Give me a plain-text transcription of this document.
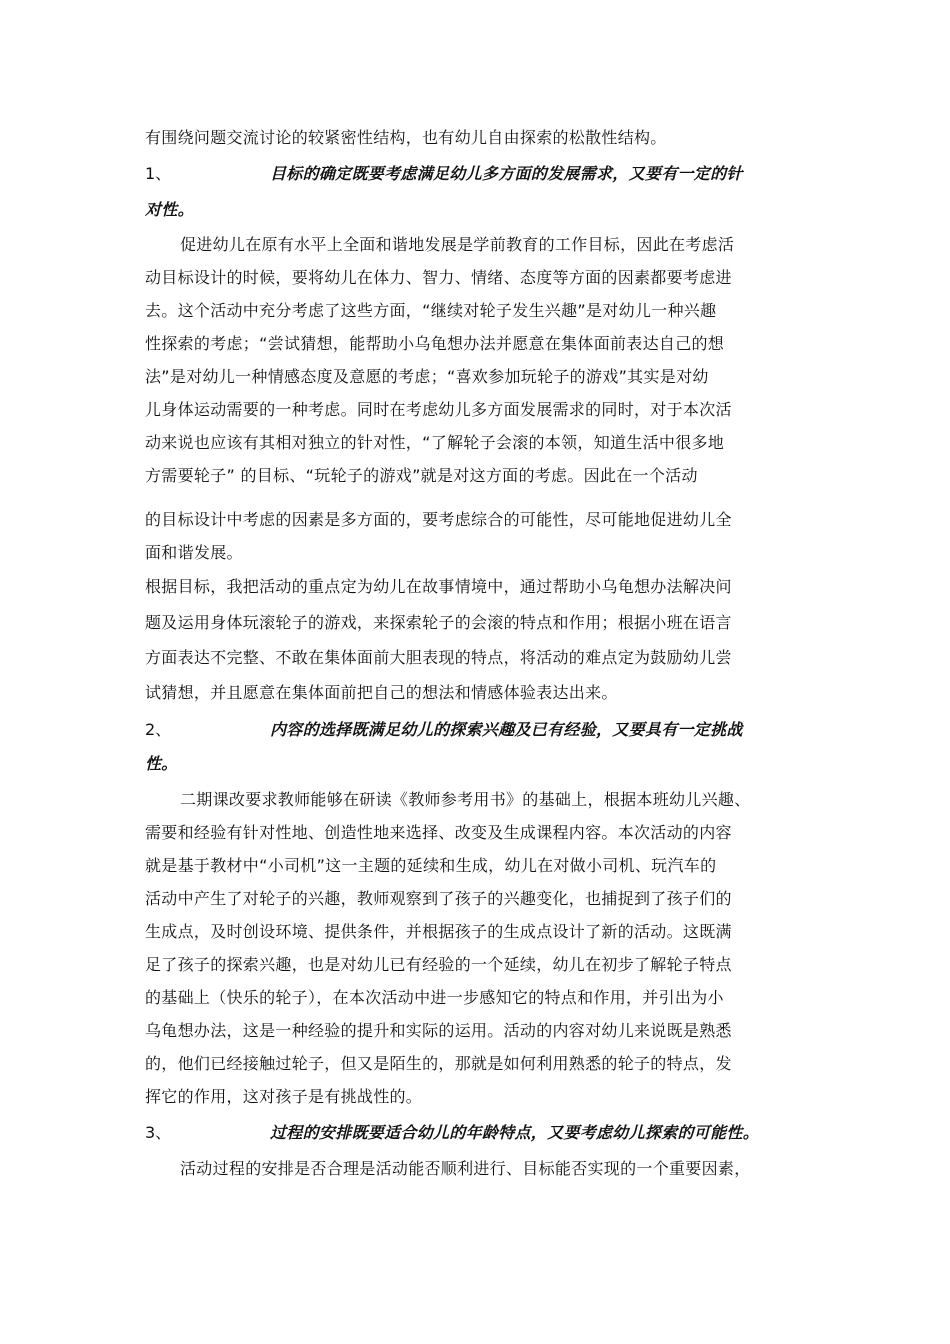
有围绕问题交流讨论的较紧密性结构，也有幼儿自由探索的松散性结构。
1、	目标的确定既要考虑满足幼儿多方面的发展需求，又要有一定的针
对性。
促进幼儿在原有水平上全面和谐地发展是学前教育的工作目标，因此在考虑活
动目标设计的时候，要将幼儿在体力、智力、情绪、态度等方面的因素都要考虑进
去。这个活动中充分考虑了这些方面，“继续对轮子发生兴趣”是对幼儿一种兴趣
性探索的考虑；“尝试猜想，能帮助小乌龟想办法并愿意在集体面前表达自己的想
法”是对幼儿一种情感态度及意愿的考虑；“喜欢参加玩轮子的游戏”其实是对幼
儿身体运动需要的一种考虑。同时在考虑幼儿多方面发展需求的同时，对于本次活
动来说也应该有其相对独立的针对性，“了解轮子会滚的本领，知道生活中很多地
方需要轮子” 的目标、“玩轮子的游戏”就是对这方面的考虑。因此在一个活动
的目标设计中考虑的因素是多方面的，要考虑综合的可能性，尽可能地促进幼儿全
面和谐发展。
根据目标，我把活动的重点定为幼儿在故事情境中，通过帮助小乌龟想办法解决问
题及运用身体玩滚轮子的游戏，来探索轮子的会滚的特点和作用；根据小班在语言
方面表达不完整、不敢在集体面前大胆表现的特点，将活动的难点定为鼓励幼儿尝
试猜想，并且愿意在集体面前把自己的想法和情感体验表达出来。
2、	内容的选择既满足幼儿的探索兴趣及已有经验，又要具有一定挑战
性。
二期课改要求教师能够在研读《教师参考用书》的基础上，根据本班幼儿兴趣、
需要和经验有针对性地、创造性地来选择、改变及生成课程内容。本次活动的内容
就是基于教材中“小司机”这一主题的延续和生成，幼儿在对做小司机、玩汽车的
活动中产生了对轮子的兴趣，教师观察到了孩子的兴趣变化，也捕捉到了孩子们的
生成点，及时创设环境、提供条件，并根据孩子的生成点设计了新的活动。这既满
足了孩子的探索兴趣，也是对幼儿已有经验的一个延续，幼儿在初步了解轮子特点
的基础上（快乐的轮子），在本次活动中进一步感知它的特点和作用，并引出为小
乌龟想办法，这是一种经验的提升和实际的运用。活动的内容对幼儿来说既是熟悉
的，他们已经接触过轮子，但又是陌生的，那就是如何利用熟悉的轮子的特点，发
挥它的作用，这对孩子是有挑战性的。
3、	过程的安排既要适合幼儿的年龄特点，又要考虑幼儿探索的可能性。
活动过程的安排是否合理是活动能否顺利进行、目标能否实现的一个重要因素，
